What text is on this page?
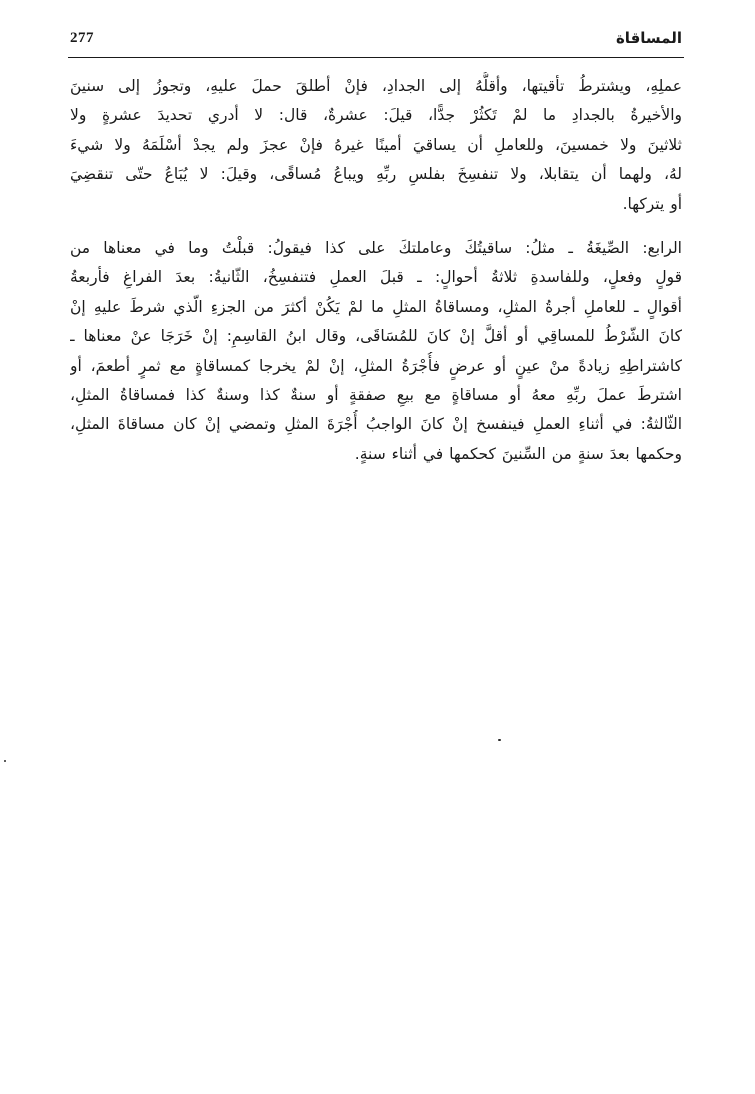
277	المساقاة
عملِهِ، ويشترطُ تأقيتها، وأقلُّهُ إلى الجدادِ، فإنْ أطلقَ حملَ عليهِ، وتجوزُ إلى سنينَ
والأخيرةُ بالجدادِ ما لمْ تَكثُرْ جدًّا، قيلَ: عشرةٌ، قال: لا أدري تحديدَ عشرةٍ ولا
ثلاثينَ ولا خمسينَ، وللعاملِ أن يساقيَ أمينًا غيرهُ فإنْ عجزَ ولم يجدْ أسْلَمَهُ ولا شيءَ
لهُ، ولهما أن يتقابلا، ولا تنفسِخَ بفلسِ ربِّهِ ويباعُ مُساقًى، وقيلَ: لا يُبَاعُ حتّى تنقضِيَ
أو يتركها.
الرابع: الصِّيغَةُ ـ مثلُ: ساقيتُكَ وعاملتكَ على كذا فيقولُ: قبلْتُ وما في معناها من
قولٍ وفعلٍ، وللفاسدةِ ثلاثةُ أحوالٍ: ـ قبلَ العملِ فتنفسِخُ، الثّانيةُ: بعدَ الفراغِ فأربعةُ
أقوالٍ ـ للعاملِ أجرةُ المثلِ، ومساقاةُ المثلِ ما لمْ يَكُنْ أكثرَ من الجزءِ الّذي شرطَ عليهِ إنْ
كانَ الشّرْطُ للمساقِي أو أقلَّ إنْ كانَ للمُسَاقَى، وقال ابنُ القاسِمِ: إنْ خَرَجَا عنْ معناها ـ
كاشتراطِهِ زيادةً منْ عينٍ أو عرضٍ فأُجْرَةُ المثلِ، إنْ لمْ يخرجا كمساقاةٍ مع ثمرٍ أطعمَ، أو
اشترطَ عملَ ربِّهِ معهُ أو مساقاةٍ مع بيعِ صفقةٍ أو سنةٌ كذا وسنةٌ كذا فمساقاةُ المثلِ،
الثّالثةُ: في أثناءِ العملِ فينفسخ إنْ كانَ الواجبُ أُجْرَةَ المثلِ وتمضي إنْ كان مساقاةَ المثلِ،
وحكمها بعدَ سنةٍ من السِّنينَ كحكمها في أثناء سنةٍ.
